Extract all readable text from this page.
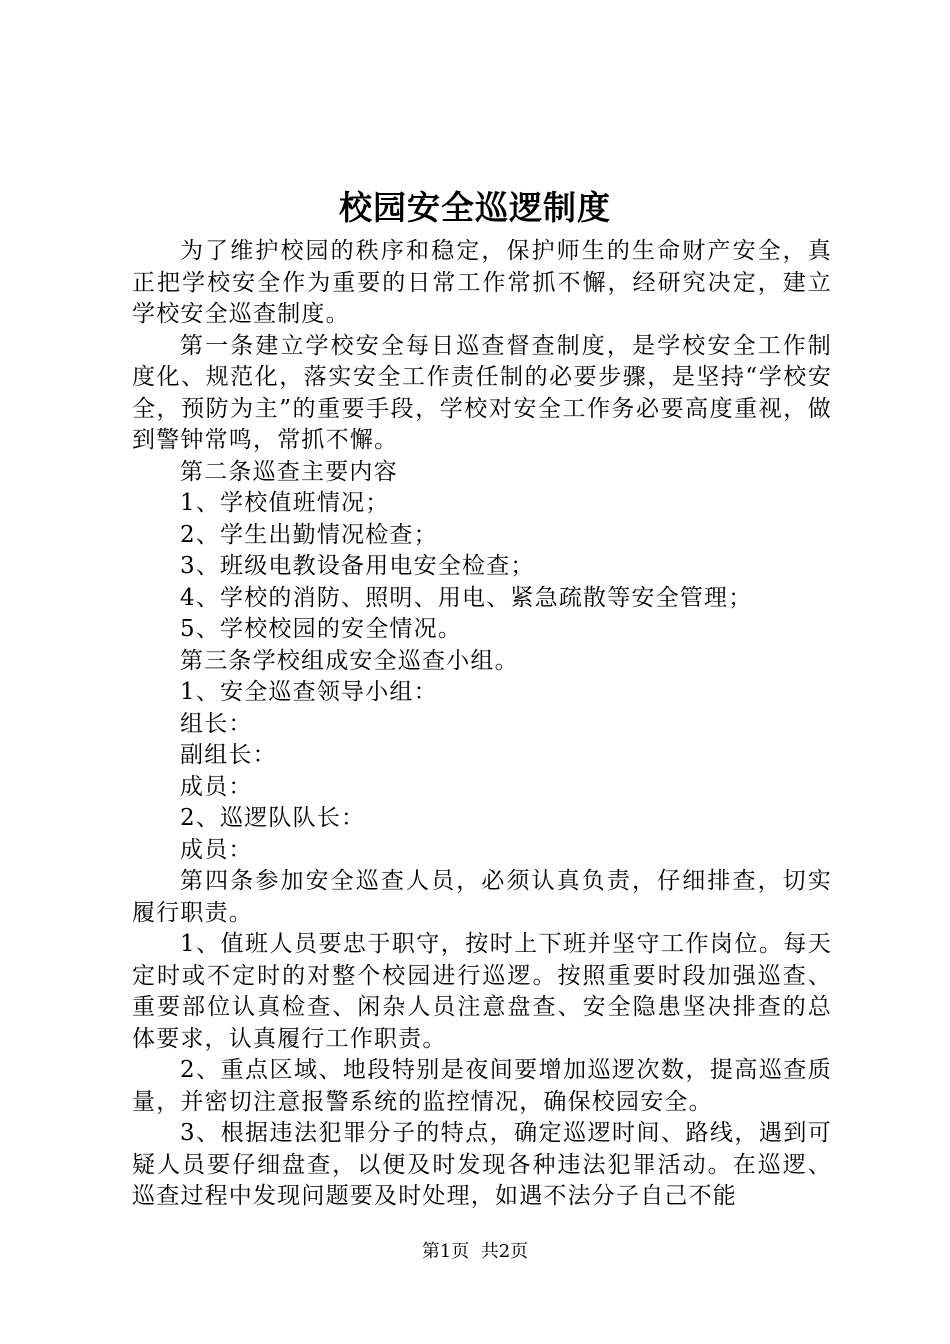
校园安全巡逻制度

为了维护校园的秩序和稳定，保护师生的生命财产安全，真正把学校安全作为重要的日常工作常抓不懈，经研究决定，建立学校安全巡查制度。

第一条建立学校安全每日巡查督查制度，是学校安全工作制度化、规范化，落实安全工作责任制的必要步骤，是坚持“学校安全，预防为主”的重要手段，学校对安全工作务必要高度重视，做到警钟常鸣，常抓不懈。

第二条巡查主要内容

1、学校值班情况；

2、学生出勤情况检查；

3、班级电教设备用电安全检查；

4、学校的消防、照明、用电、紧急疏散等安全管理；

5、学校校园的安全情况。

第三条学校组成安全巡查小组。

1、安全巡查领导小组：

组长：

副组长：

成员：

2、巡逻队队长：

成员：

第四条参加安全巡查人员，必须认真负责，仔细排查，切实履行职责。

1、值班人员要忠于职守，按时上下班并坚守工作岗位。每天定时或不定时的对整个校园进行巡逻。按照重要时段加强巡查、重要部位认真检查、闲杂人员注意盘查、安全隐患坚决排查的总体要求，认真履行工作职责。

2、重点区域、地段特别是夜间要增加巡逻次数，提高巡查质量，并密切注意报警系统的监控情况，确保校园安全。

3、根据违法犯罪分子的特点，确定巡逻时间、路线，遇到可疑人员要仔细盘查，以便及时发现各种违法犯罪活动。在巡逻、巡查过程中发现问题要及时处理，如遇不法分子自己不能

第1页 共2页
